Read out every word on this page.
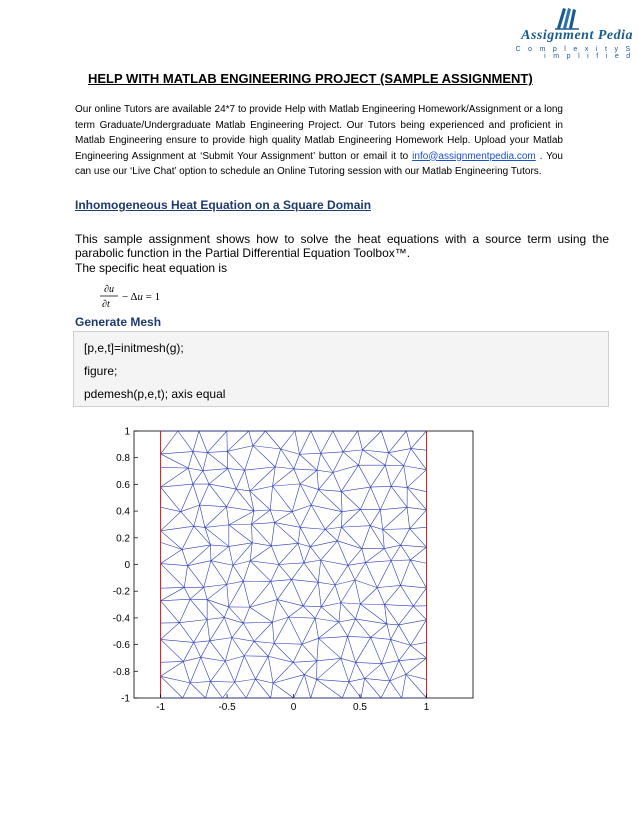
Assignment Pedia
C o m p l e x i t y S i m p l i f i e d
HELP WITH MATLAB ENGINEERING PROJECT (SAMPLE ASSIGNMENT)

Our online Tutors are available 24*7 to provide Help with Matlab Engineering Homework/Assignment or a long term Graduate/Undergraduate Matlab Engineering Project. Our Tutors being experienced and proficient in Matlab Engineering ensure to provide high quality Matlab Engineering Homework Help. Upload your Matlab Engineering Assignment at ‘Submit Your Assignment’ button or email it to info@assignmentpedia.com . You can use our ‘Live Chat’ option to schedule an Online Tutoring session with our Matlab Engineering Tutors.

Inhomogeneous Heat Equation on a Square Domain

This sample assignment shows how to solve the heat equations with a source term using the parabolic function in the Partial Differential Equation Toolbox™.

The specific heat equation is

∂u
∂t
− Δu = 1
Generate Mesh
[p,e,t]=initmesh(g);
figure;
pdemesh(p,e,t); axis equal
-1	-0.5	0	0.5	1
1
0.8
0.6
0.4
0.2
0
-0.2
-0.4
-0.6
-0.8
-1
